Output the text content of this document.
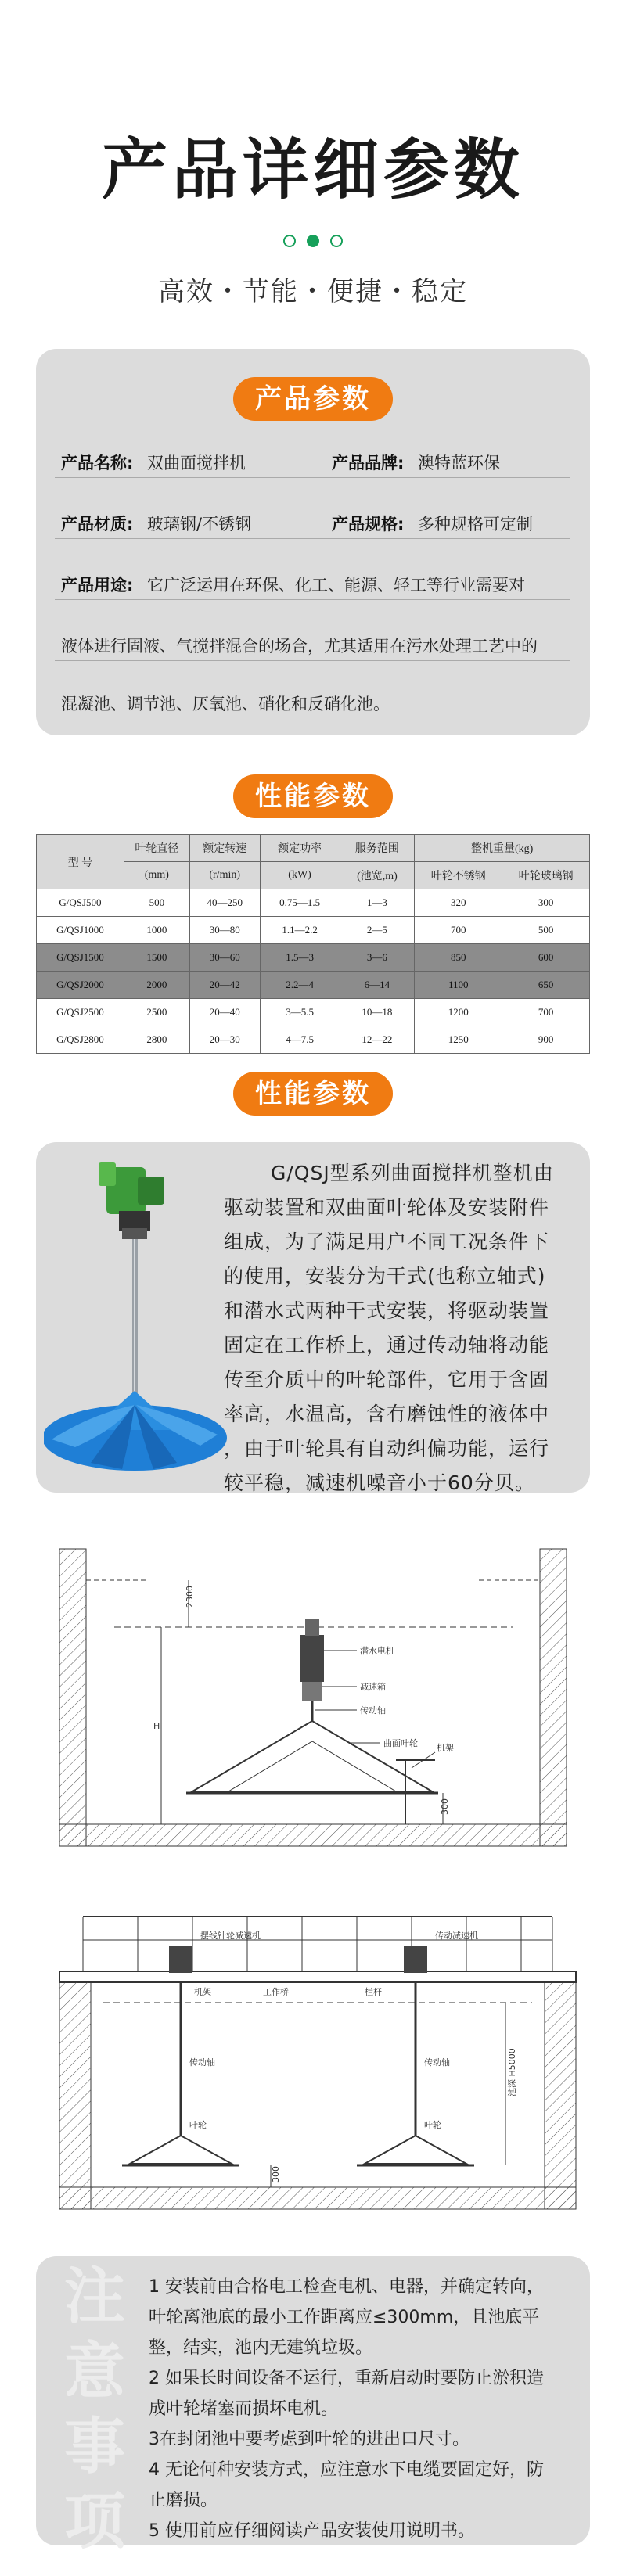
产品详细参数
高效・节能・便捷・稳定
产品参数
产品名称: 双曲面搅拌机	产品品牌: 澳特蓝环保
产品材质: 玻璃钢/不锈钢	产品规格: 多种规格可定制
产品用途: 它广泛运用在环保、化工、能源、轻工等行业需要对
液体进行固液、气搅拌混合的场合，尤其适用在污水处理工艺中的
混凝池、调节池、厌氧池、硝化和反硝化池。
性能参数
型 号	叶轮直径	额定转速	额定功率	服务范围	整机重量(kg)	
	(mm)	(r/min)	(kW)	(池宽,m)	叶轮不锈钢	叶轮玻璃钢
G/QSJ500	500	40—250	0.75—1.5	1—3	320	300
G/QSJ1000	1000	30—80	1.1—2.2	2—5	700	500
G/QSJ1500	1500	30—60	1.5—3	3—6	850	600
G/QSJ2000	2000	20—42	2.2—4	6—14	1100	650
G/QSJ2500	2500	20—40	3—5.5	10—18	1200	700
G/QSJ2800	2800	20—30	4—7.5	12—22	1250	900
性能参数
G/QSJ型系列曲面搅拌机整机由
驱动装置和双曲面叶轮体及安装附件
组成，为了满足用户不同工况条件下
的使用，安装分为干式(也称立轴式)
和潜水式两种干式安装，将驱动装置
固定在工作桥上，通过传动轴将动能
传至介质中的叶轮部件，它用于含固
率高，水温高，含有磨蚀性的液体中
，由于叶轮具有自动纠偏功能，运行
较平稳，减速机噪音小于60分贝。
2300
H
300
潜水电机
减速箱
传动轴
曲面叶轮 机架
摆线针轮减速机	传动减速机
机架	工作桥	栏杆
传动轴	传动轴
叶轮	叶轮
池深 H5000
300
注
意
事
项
1 安装前由合格电工检查电机、电器，并确定转向，
叶轮离池底的最小工作距离应≤300mm，且池底平
整，结实，池内无建筑垃圾。
2 如果长时间设备不运行，重新启动时要防止淤积造
成叶轮堵塞而损坏电机。
3在封闭池中要考虑到叶轮的进出口尺寸。
4 无论何种安装方式，应注意水下电缆要固定好，防
止磨损。
5 使用前应仔细阅读产品安装使用说明书。
